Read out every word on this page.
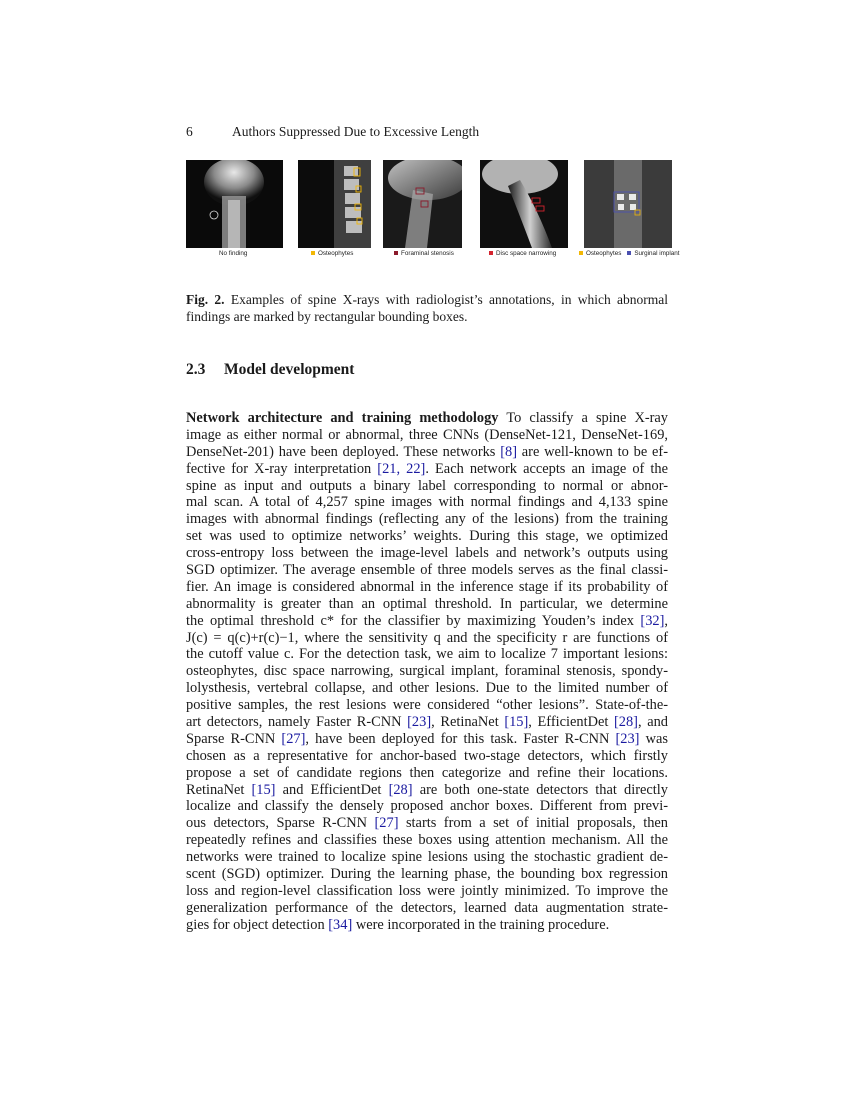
6	Authors Suppressed Due to Excessive Length
No finding	Osteophytes	Foraminal stenosis	Disc space narrowing	Osteophytes Surginal implant
Fig. 2. Examples of spine X-rays with radiologist’s annotations, in which abnormal findings are marked by rectangular bounding boxes.
2.3 Model development
Network architecture and training methodology To classify a spine X-ray
image as either normal or abnormal, three CNNs (DenseNet-121, DenseNet-169,
DenseNet-201) have been deployed. These networks [8] are well-known to be ef-
fective for X-ray interpretation [21, 22]. Each network accepts an image of the
spine as input and outputs a binary label corresponding to normal or abnor-
mal scan. A total of 4,257 spine images with normal findings and 4,133 spine
images with abnormal findings (reflecting any of the lesions) from the training
set was used to optimize networks’ weights. During this stage, we optimized
cross-entropy loss between the image-level labels and network’s outputs using
SGD optimizer. The average ensemble of three models serves as the final classi-
fier. An image is considered abnormal in the inference stage if its probability of
abnormality is greater than an optimal threshold. In particular, we determine
the optimal threshold c* for the classifier by maximizing Youden’s index [32],
J(c) = q(c)+r(c)−1, where the sensitivity q and the specificity r are functions of
the cutoff value c. For the detection task, we aim to localize 7 important lesions:
osteophytes, disc space narrowing, surgical implant, foraminal stenosis, spondy-
lolysthesis, vertebral collapse, and other lesions. Due to the limited number of
positive samples, the rest lesions were considered “other lesions”. State-of-the-
art detectors, namely Faster R-CNN [23], RetinaNet [15], EfficientDet [28], and
Sparse R-CNN [27], have been deployed for this task. Faster R-CNN [23] was
chosen as a representative for anchor-based two-stage detectors, which firstly
propose a set of candidate regions then categorize and refine their locations.
RetinaNet [15] and EfficientDet [28] are both one-state detectors that directly
localize and classify the densely proposed anchor boxes. Different from previ-
ous detectors, Sparse R-CNN [27] starts from a set of initial proposals, then
repeatedly refines and classifies these boxes using attention mechanism. All the
networks were trained to localize spine lesions using the stochastic gradient de-
scent (SGD) optimizer. During the learning phase, the bounding box regression
loss and region-level classification loss were jointly minimized. To improve the
generalization performance of the detectors, learned data augmentation strate-
gies for object detection [34] were incorporated in the training procedure.
